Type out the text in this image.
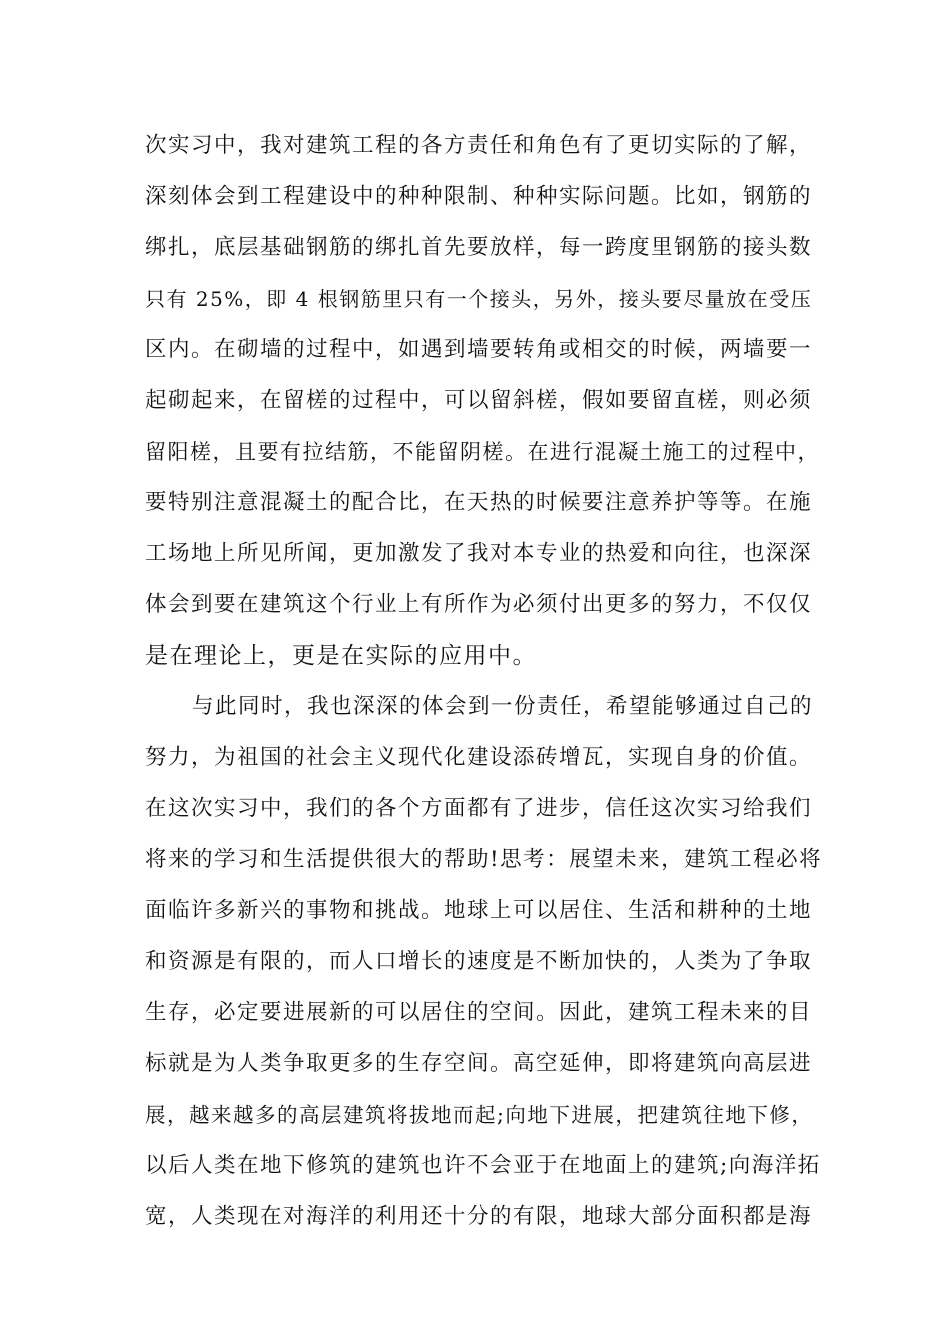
次实习中，我对建筑工程的各方责任和角色有了更切实际的了解，
深刻体会到工程建设中的种种限制、种种实际问题。比如，钢筋的
绑扎，底层基础钢筋的绑扎首先要放样，每一跨度里钢筋的接头数
只有 25%，即 4 根钢筋里只有一个接头，另外，接头要尽量放在受压
区内。在砌墙的过程中，如遇到墙要转角或相交的时候，两墙要一
起砌起来，在留槎的过程中，可以留斜槎，假如要留直槎，则必须
留阳槎，且要有拉结筋，不能留阴槎。在进行混凝土施工的过程中，
要特别注意混凝土的配合比，在天热的时候要注意养护等等。在施
工场地上所见所闻，更加激发了我对本专业的热爱和向往，也深深
体会到要在建筑这个行业上有所作为必须付出更多的努力，不仅仅
是在理论上，更是在实际的应用中。
与此同时，我也深深的体会到一份责任，希望能够通过自己的
努力，为祖国的社会主义现代化建设添砖增瓦，实现自身的价值。
在这次实习中，我们的各个方面都有了进步，信任这次实习给我们
将来的学习和生活提供很大的帮助!思考：展望未来，建筑工程必将
面临许多新兴的事物和挑战。地球上可以居住、生活和耕种的土地
和资源是有限的，而人口增长的速度是不断加快的，人类为了争取
生存，必定要进展新的可以居住的空间。因此，建筑工程未来的目
标就是为人类争取更多的生存空间。高空延伸，即将建筑向高层进
展，越来越多的高层建筑将拔地而起;向地下进展，把建筑往地下修，
以后人类在地下修筑的建筑也许不会亚于在地面上的建筑;向海洋拓
宽，人类现在对海洋的利用还十分的有限，地球大部分面积都是海
